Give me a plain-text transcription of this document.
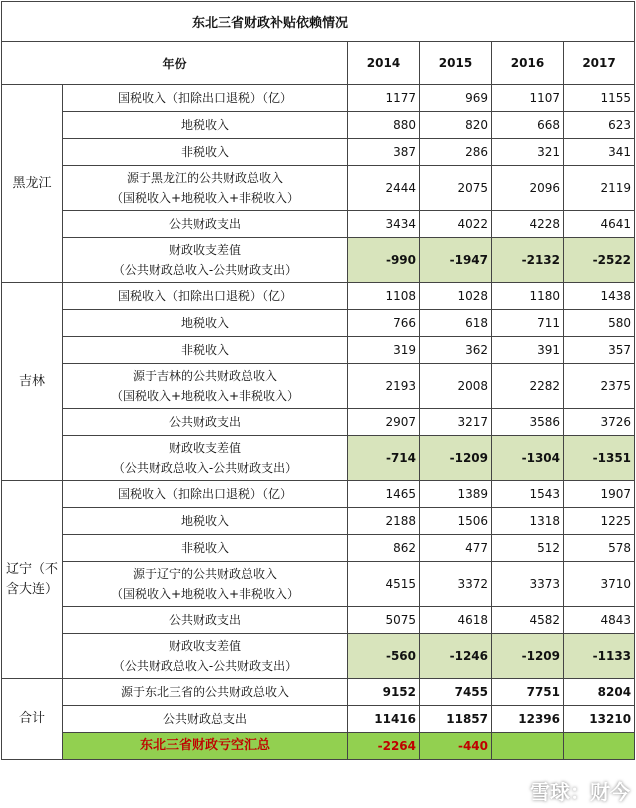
东北三省财政补贴依赖情况					
年份		2014	2015	2016	2017
黑龙江	国税收入（扣除出口退税）（亿）	1177	969	1107	1155
	地税收入	880	820	668	623
	非税收入	387	286	321	341
	源于黑龙江的公共财政总收入
（国税收入+地税收入+非税收入）	2444	2075	2096	2119
	公共财政支出	3434	4022	4228	4641
	财政收支差值
（公共财政总收入-公共财政支出）	-990	-1947	-2132	-2522
吉林	国税收入（扣除出口退税）（亿）	1108	1028	1180	1438
	地税收入	766	618	711	580
	非税收入	319	362	391	357
	源于吉林的公共财政总收入
（国税收入+地税收入+非税收入）	2193	2008	2282	2375
	公共财政支出	2907	3217	3586	3726
	财政收支差值
（公共财政总收入-公共财政支出）	-714	-1209	-1304	-1351
辽宁（不含大连）	国税收入（扣除出口退税）（亿）	1465	1389	1543	1907
	地税收入	2188	1506	1318	1225
	非税收入	862	477	512	578
	源于辽宁的公共财政总收入
（国税收入+地税收入+非税收入）	4515	3372	3373	3710
	公共财政支出	5075	4618	4582	4843
	财政收支差值
（公共财政总收入-公共财政支出）	-560	-1246	-1209	-1133
合计	源于东北三省的公共财政总收入	9152	7455	7751	8204
	公共财政总支出	11416	11857	12396	13210
	东北三省财政亏空汇总	-2264	-440		
雪球：财今
